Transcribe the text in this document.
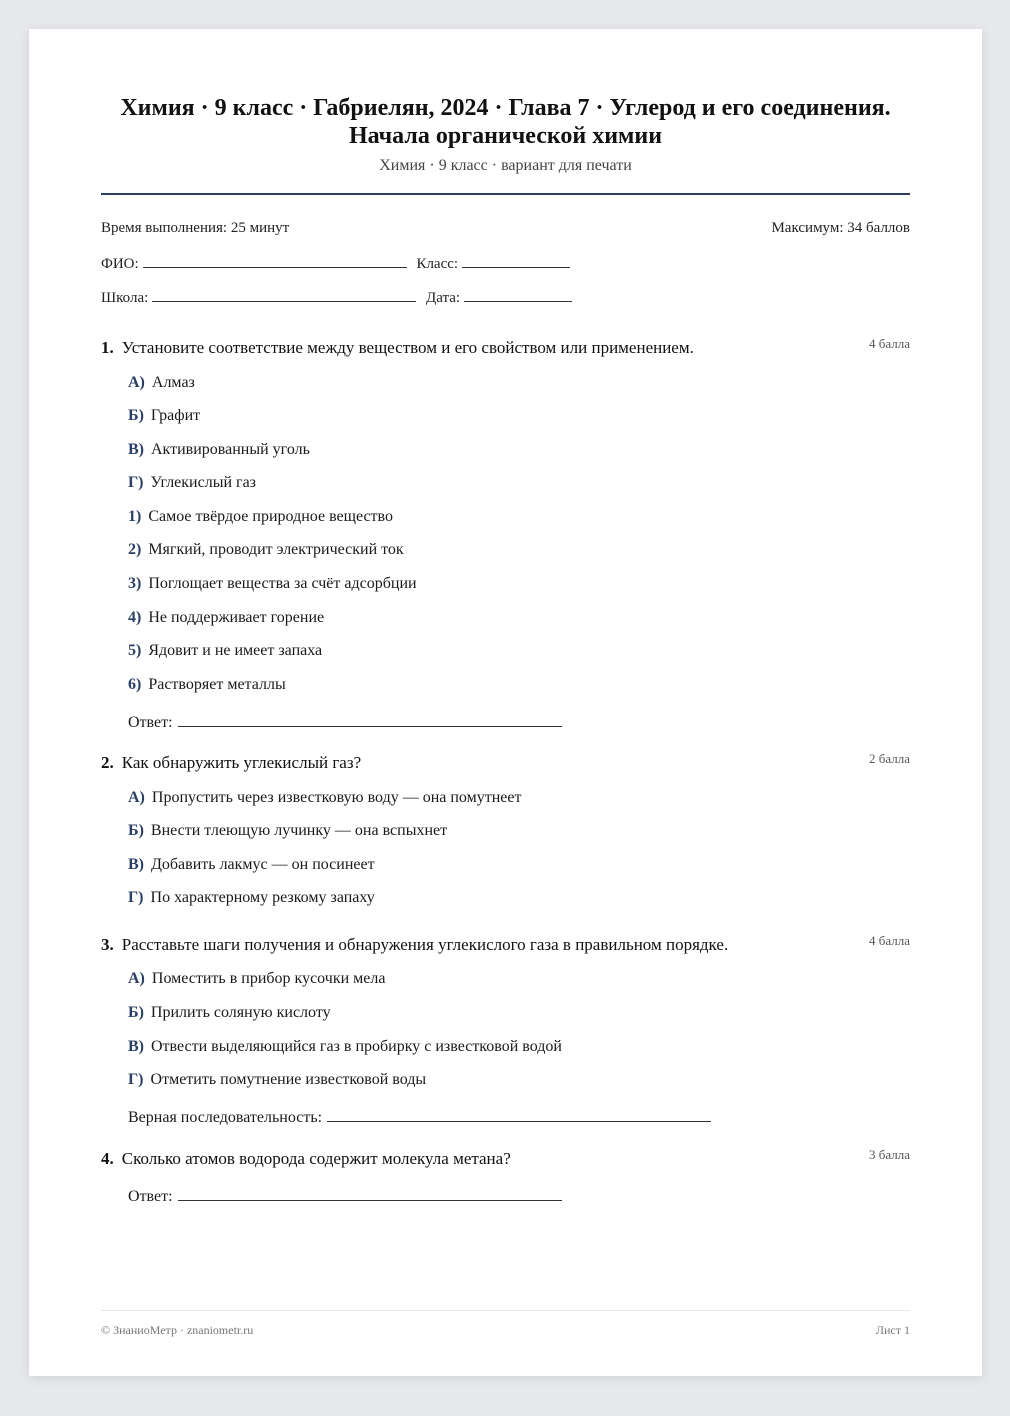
Химия · 9 класс · Габриелян, 2024 · Глава 7 · Углерод и его соединения.
Начала органической химии
Химия · 9 класс · вариант для печати
Время выполнения: 25 минут	Максимум: 34 баллов
ФИО:	Класс:
Школа:	Дата:
1. Установите соответствие между веществом и его свойством или применением.	4 балла
А) Алмаз
Б) Графит
В) Активированный уголь
Г) Углекислый газ
1) Самое твёрдое природное вещество
2) Мягкий, проводит электрический ток
3) Поглощает вещества за счёт адсорбции
4) Не поддерживает горение
5) Ядовит и не имеет запаха
6) Растворяет металлы
Ответ:
2. Как обнаружить углекислый газ?	2 балла
А) Пропустить через известковую воду — она помутнеет
Б) Внести тлеющую лучинку — она вспыхнет
В) Добавить лакмус — он посинеет
Г) По характерному резкому запаху
3. Расставьте шаги получения и обнаружения углекислого газа в правильном порядке.	4 балла
А) Поместить в прибор кусочки мела
Б) Прилить соляную кислоту
В) Отвести выделяющийся газ в пробирку с известковой водой
Г) Отметить помутнение известковой воды
Верная последовательность:
4. Сколько атомов водорода содержит молекула метана?	3 балла
Ответ:
© ЗнаниоМетр · znaniometr.ru	Лист 1
